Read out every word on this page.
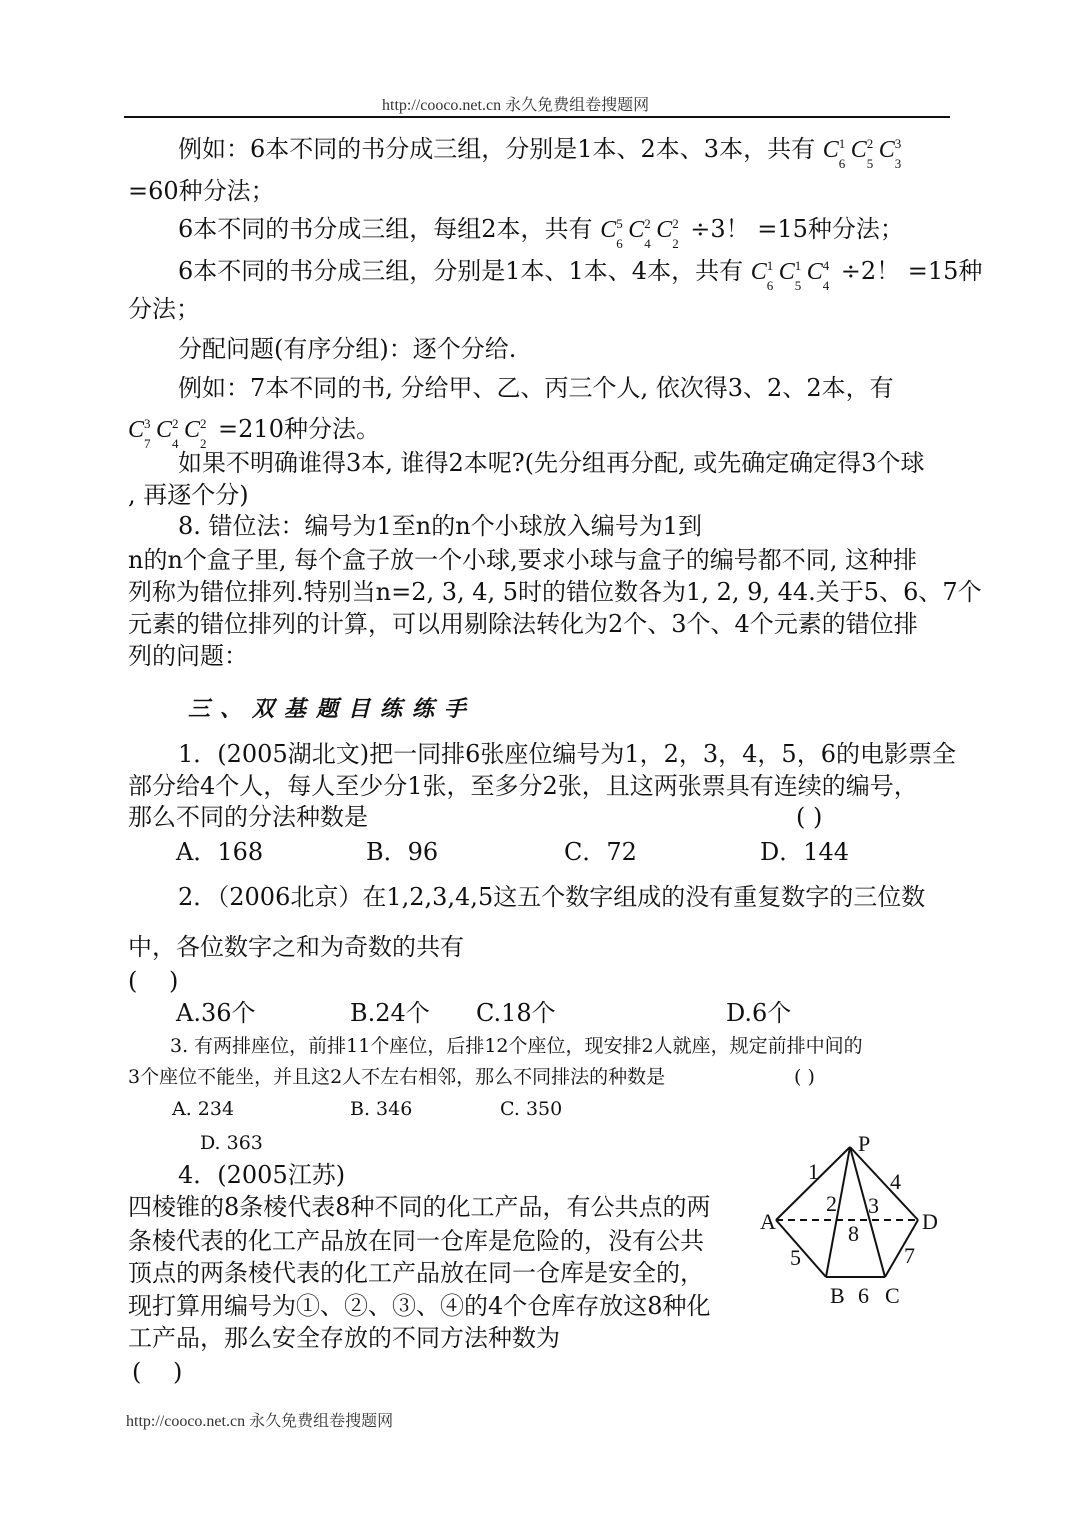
http://cooco.net.cn 永久免费组卷搜题网
例如：6本不同的书分成三组，分别是1本、2本、3本，共有 C 1
6
C 2
5
C 3
3
=60种分法；
6本不同的书分成三组，每组2本，共有 C 5
6
C 2
4
C 2
2
÷3！ =15种分法；
6本不同的书分成三组，分别是1本、1本、4本，共有 C 1
6
C 1
5
C 4
4
÷2！ =15种
分法；
分配问题(有序分组)：逐个分给.
例如：7本不同的书, 分给甲、乙、丙三个人, 依次得3、2、2本，有
C 3
7
C 2
4
C 2
2
=210种分法。
如果不明确谁得3本, 谁得2本呢?(先分组再分配, 或先确定确定得3个球
, 再逐个分)
8. 错位法：编号为1至n的n个小球放入编号为1到
n的n个盒子里, 每个盒子放一个小球,要求小球与盒子的编号都不同, 这种排
列称为错位排列.特别当n=2, 3, 4, 5时的错位数各为1, 2, 9, 44.关于5、6、7个
元素的错位排列的计算，可以用剔除法转化为2个、3个、4个元素的错位排
列的问题：
三、双基题目练练手
1．(2005湖北文)把一同排6张座位编号为1，2，3，4，5，6的电影票全
部分给4个人，每人至少分1张，至多分2张，且这两张票具有连续的编号，
那么不同的分法种数是	( )
A．168	B．96	C．72	D．144
2．（2006北京）在1,2,3,4,5这五个数字组成的没有重复数字的三位数
中，各位数字之和为奇数的共有
(　 )
A.36个	B.24个 C.18个	D.6个
3. 有两排座位，前排11个座位，后排12个座位，现安排2人就座，规定前排中间的
3个座位不能坐，并且这2人不左右相邻，那么不同排法的种数是	( )
A. 234	B. 346	C. 350
D. 363
4．(2005江苏)
四棱锥的8条棱代表8种不同的化工产品，有公共点的两
条棱代表的化工产品放在同一仓库是危险的，没有公共
顶点的两条棱代表的化工产品放在同一仓库是安全的，
现打算用编号为①、②、③、④的4个仓库存放这8种化
工产品，那么安全存放的不同方法种数为
(　 )
P
A
B C
D
1
2 3
4
5
6
7
8
http://cooco.net.cn 永久免费组卷搜题网
